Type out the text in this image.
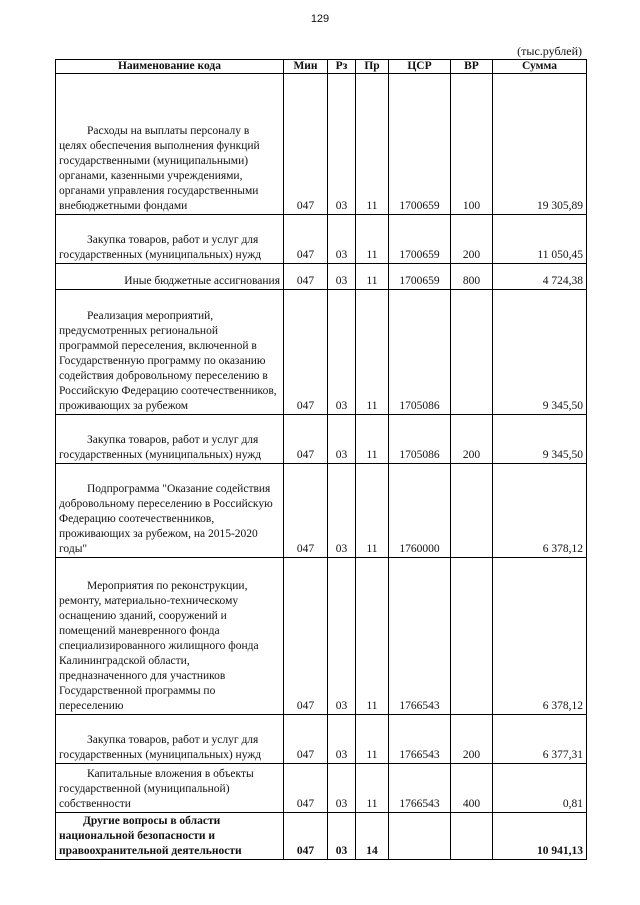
129
(тыс.рублей)
Наименование кода	Мин	Рз	Пр	ЦСР	ВР	Сумма
Расходы на выплаты персоналу в целях обеспечения выполнения функций государственными (муниципальными) органами, казенными учреждениями, органами управления государственными внебюджетными фондами	047	03	11	1700659	100	19 305,89
Закупка товаров, работ и услуг для государственных (муниципальных) нужд	047	03	11	1700659	200	11 050,45
Иные бюджетные ассигнования	047	03	11	1700659	800	4 724,38
Реализация мероприятий, предусмотренных региональной программой переселения, включенной в Государственную программу по оказанию содействия добровольному переселению в Российскую Федерацию соотечественников, проживающих за рубежом	047	03	11	1705086		9 345,50
Закупка товаров, работ и услуг для государственных (муниципальных) нужд	047	03	11	1705086	200	9 345,50
Подпрограмма "Оказание содействия добровольному переселению в Российскую Федерацию соотечественников, проживающих за рубежом, на 2015-2020 годы"	047	03	11	1760000		6 378,12
Мероприятия по реконструкции, ремонту, материально-техническому оснащению зданий, сооружений и помещений маневренного фонда специализированного жилищного фонда Калининградской области, предназначенного для участников Государственной программы по переселению	047	03	11	1766543		6 378,12
Закупка товаров, работ и услуг для государственных (муниципальных) нужд	047	03	11	1766543	200	6 377,31
Капитальные вложения в объекты государственной (муниципальной) собственности	047	03	11	1766543	400	0,81
Другие вопросы в области национальной безопасности и правоохранительной деятельности	047	03	14			10 941,13
